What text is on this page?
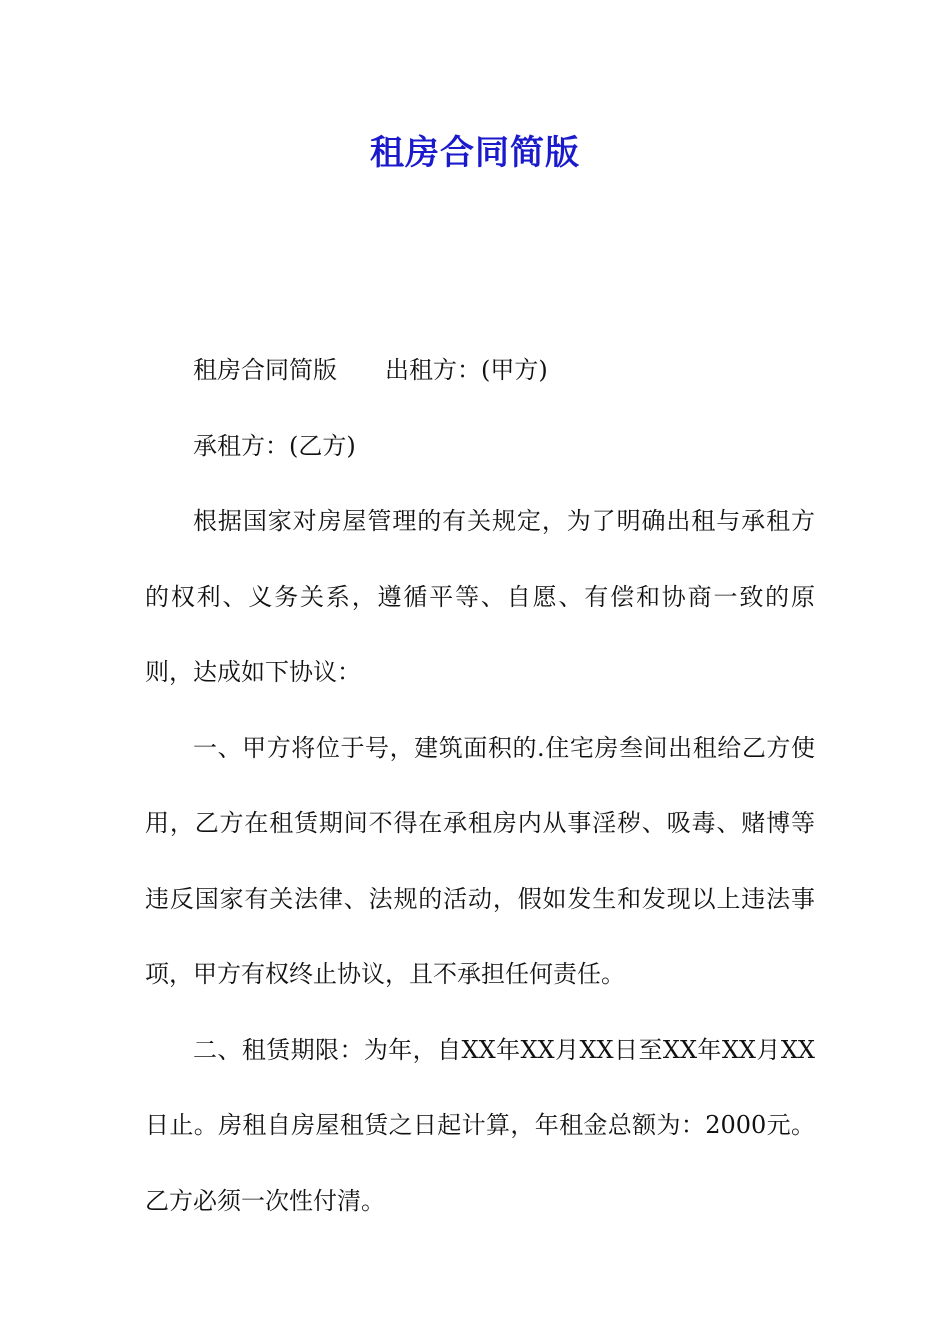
租房合同简版

租房合同简版 出租方：(甲方)

承租方：(乙方)

根据国家对房屋管理的有关规定，为了明确出租与承租方的权利、义务关系，遵循平等、自愿、有偿和协商一致的原则，达成如下协议：

一、甲方将位于号，建筑面积的.住宅房叁间出租给乙方使用，乙方在租赁期间不得在承租房内从事淫秽、吸毒、赌博等违反国家有关法律、法规的活动，假如发生和发现以上违法事项，甲方有权终止协议，且不承担任何责任。

二、租赁期限：为年，自XX年XX月XX日至XX年XX月XX日止。房租自房屋租赁之日起计算，年租金总额为：2000元。乙方必须一次性付清。
